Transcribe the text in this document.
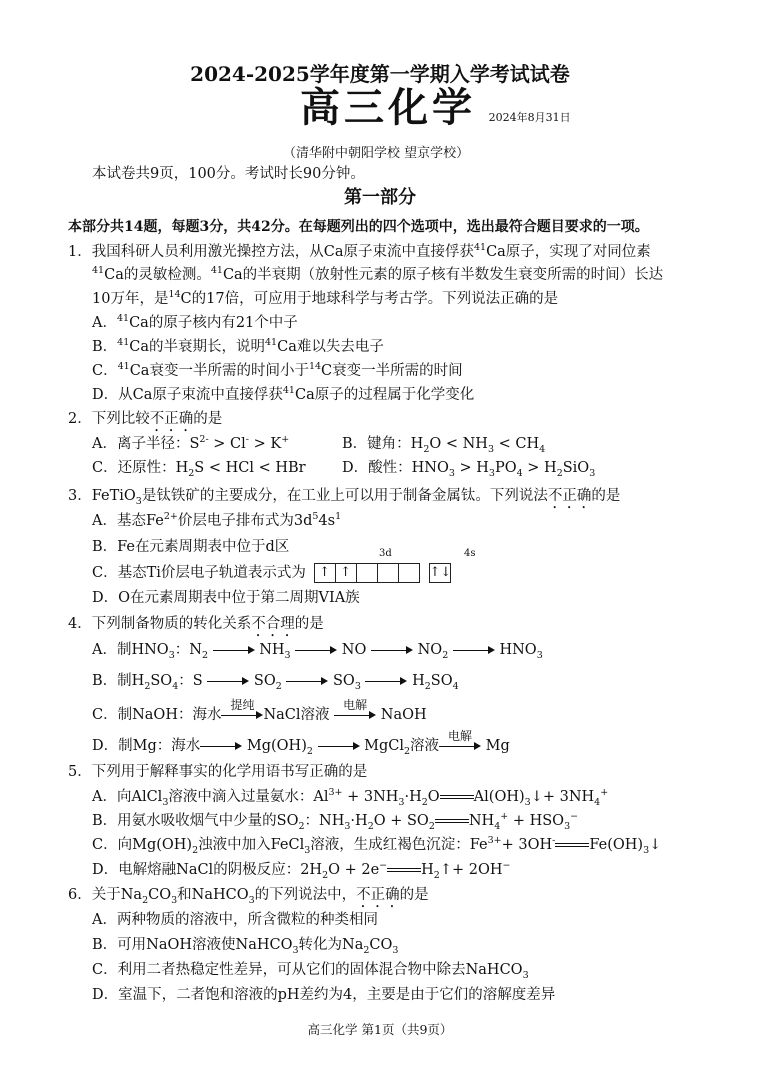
2024-2025学年度第一学期入学考试试卷
高三化学 2024年8月31日
（清华附中朝阳学校 望京学校）
本试卷共9页，100分。考试时长90分钟。
第一部分
本部分共14题，每题3分，共42分。在每题列出的四个选项中，选出最符合题目要求的一项。
1．我国科研人员利用激光操控方法，从Ca原子束流中直接俘获$^{41}$Ca原子，实现了对同位素
$^{41}$Ca的灵敏检测。$^{41}$Ca的半衰期（放射性元素的原子核有半数发生衰变所需的时间）长达
10万年，是$^{14}$C的17倍，可应用于地球科学与考古学。下列说法正确的是
A．$^{41}$Ca的原子核内有21个中子
B．$^{41}$Ca的半衰期长，说明$^{41}$Ca难以失去电子
C．$^{41}$Ca衰变一半所需的时间小于$^{14}$C衰变一半所需的时间
D．从Ca原子束流中直接俘获$^{41}$Ca原子的过程属于化学变化
2．下列比较不正确的是
A．离子半径：$S^{2-} > Cl^- > K^+$	B．键角：$H_2O < NH_3 < CH_4$
C．还原性：$H_2S$ < HCl < HBr	D．酸性：$HNO_3 > H_3PO_4 > H_2SiO_3$
3．FeTiO$_3$是钛铁矿的主要成分，在工业上可以用于制备金属钛。下列说法不正确的是
A．基态$Fe^{2+}$价层电子排布式为$3d^54s^1$
B．Fe在元素周期表中位于d区	3d	4s
C．基态Ti价层电子轨道表示式为 ↑ ↑	↑↓
D．O在元素周期表中位于第二周期VIA族
4．下列制备物质的转化关系不合理的是
A．制$HNO_3$：$N_2$	$NH_3$	NO	$NO_2$	$HNO_3$
B．制$H_2SO_4$：S	$SO_2$	$SO_3$	$H_2SO_4$
C．制NaOH：海水
提纯
NaCl溶液
电解
NaOH
D．制Mg：海水	$Mg(OH)_2$	MgCl$_2$溶液
电解
Mg
5．下列用于解释事实的化学用语书写正确的是
A．向AlCl$_3$溶液中滴入过量氨水：$Al^{3+} + 3NH_3\cdot H_2O$ $Al(OH)_3↓+ 3NH_4^+$
B．用氨水吸收烟气中少量的$SO_2$：$NH_3\cdot H_2O + SO_2$ $NH_4^+ + HSO_3^-$
C．向$Mg(OH)_2$浊液中加入FeCl$_3$溶液，生成红褐色沉淀：$Fe^{3+}+ 3OH^-$ $Fe(OH)_3↓$
D．电解熔融NaCl的阴极反应：$2H_2O + 2e^-$ $H_2↑+ 2OH^-$
6．关于$Na_2CO_3$和NaHCO$_3$的下列说法中，不正确的是
A．两种物质的溶液中，所含微粒的种类相同
B．可用NaOH溶液使NaHCO$_3$转化为$Na_2CO_3$
C．利用二者热稳定性差异，可从它们的固体混合物中除去NaHCO$_3$
D．室温下，二者饱和溶液的pH差约为4，主要是由于它们的溶解度差异
高三化学 第1页（共9页）
